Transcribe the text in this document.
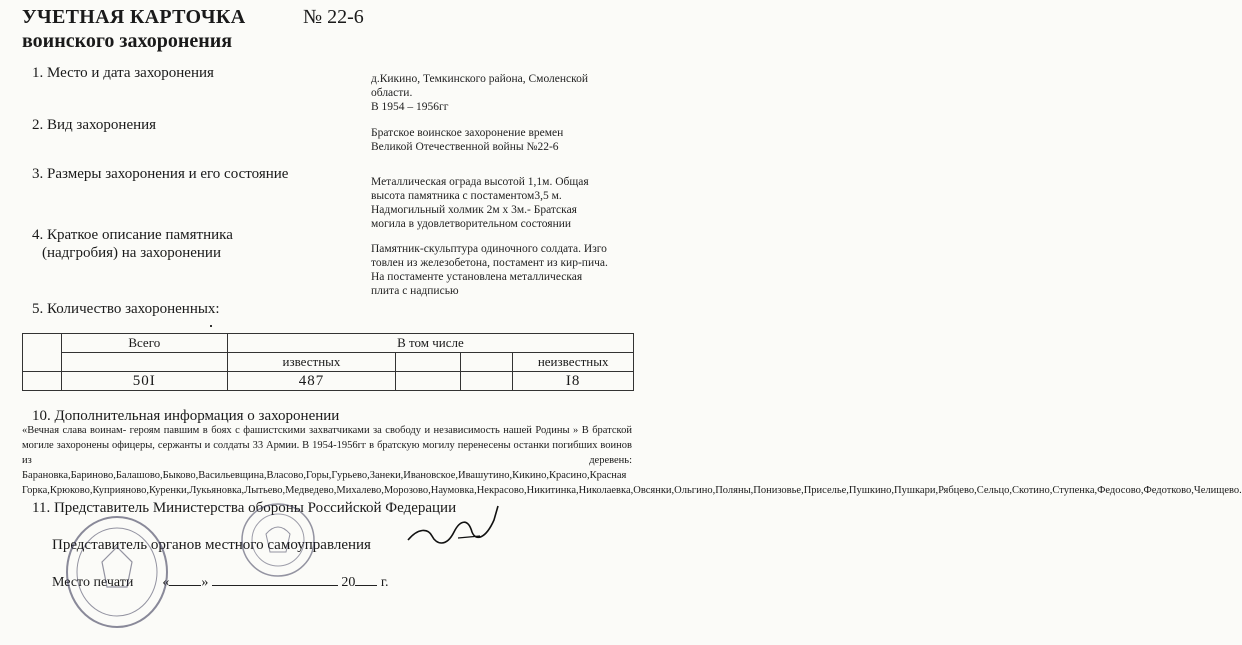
УЧЕТНАЯ КАРТОЧКА	№ 22-6
воинского захоронения
1. Место и дата захоронения	д.Кикино, Темкинского района, Смоленской
области.
В 1954 – 1956гг
2. Вид захоронения	Братское воинское захоронение времен
Великой Отечественной войны №22-6
3. Размеры захоронения и его состояние	Металлическая ограда высотой 1,1м. Общая
высота памятника с постаментом3,5 м.
Надмогильный холмик 2м х 3м.- Братская
могила в удовлетворительном состоянии
4. Краткое описание памятника
(надгробия) на захоронении	Памятник-скульптура одиночного солдата. Изго
товлен из железобетона, постамент из кир-пича.
На постаменте установлена металлическая
плита с надписью
5. Количество захороненных:
	Всего	В том числе			
		известных			неизвестных
	50I	487			I8
10. Дополнительная информация о захоронении
«Вечная слава воинам- героям павшим в боях с фашистскими захватчиками за свободу и независимость нашей Родины » В братской могиле захоронены офицеры, сержанты и солдаты 33 Армии. В 1954-1956гг в братскую могилу перенесены останки погибших воинов из деревень: Барановка,Бариново,Балашово,Быково,Васильевщина,Власово,Горы,Гурьево,Занеки,Ивановское,Ивашутино,Кикино,Красино,Красная Горка,Крюково,Куприяново,Куренки,Лукьяновка,Лытьево,Медведево,Михалево,Морозово,Наумовка,Некрасово,Никитинка,Николаевка,Овсянки,Ольгино,Поляны,Понизовье,Приселье,Пушкино,Пушкари,Рябцево,Сельцо,Скотино,Ступенка,Федосово,Федотково,Челищево.
11. Представитель Министерства обороны Российской Федерации
Представитель органов местного самоуправления
Место печати « »	20 г.
